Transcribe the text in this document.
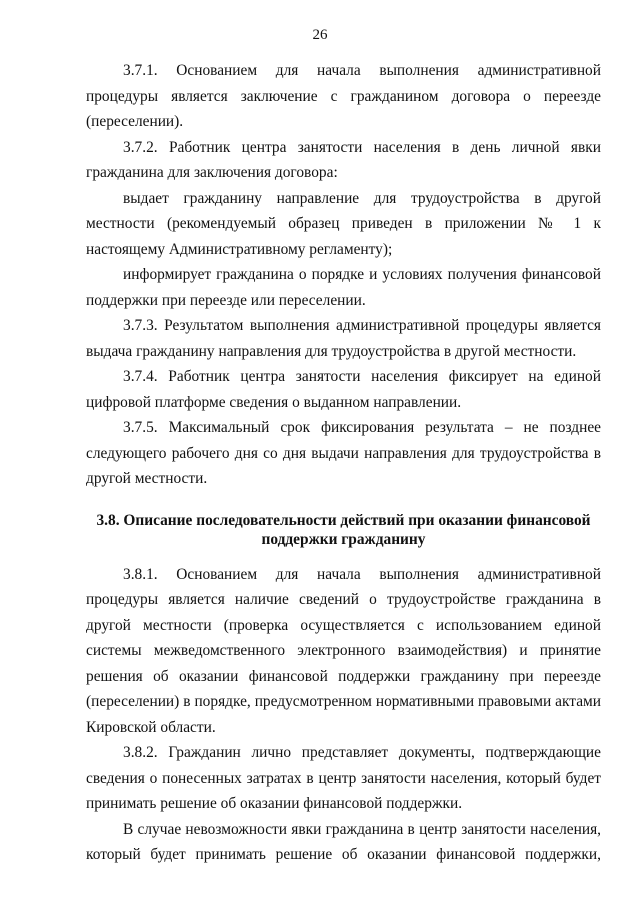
26

3.7.1. Основанием для начала выполнения административной процедуры является заключение с гражданином договора о переезде (переселении).

3.7.2. Работник центра занятости населения в день личной явки гражданина для заключения договора:

выдает гражданину направление для трудоустройства в другой местности (рекомендуемый образец приведен в приложении № 1 к настоящему Административному регламенту);

информирует гражданина о порядке и условиях получения финансовой поддержки при переезде или переселении.

3.7.3. Результатом выполнения административной процедуры является выдача гражданину направления для трудоустройства в другой местности.

3.7.4. Работник центра занятости населения фиксирует на единой цифровой платформе сведения о выданном направлении.

3.7.5. Максимальный срок фиксирования результата – не позднее следующего рабочего дня со дня выдачи направления для трудоустройства в другой местности.

3.8. Описание последовательности действий при оказании финансовой
поддержки гражданину

3.8.1. Основанием для начала выполнения административной процедуры является наличие сведений о трудоустройстве гражданина в другой местности (проверка осуществляется с использованием единой системы межведомственного электронного взаимодействия) и принятие решения об оказании финансовой поддержки гражданину при переезде (переселении) в порядке, предусмотренном нормативными правовыми актами Кировской области.

3.8.2. Гражданин лично представляет документы, подтверждающие сведения о понесенных затратах в центр занятости населения, который будет принимать решение об оказании финансовой поддержки.

В случае невозможности явки гражданина в центр занятости населения, который будет принимать решение об оказании финансовой поддержки,
